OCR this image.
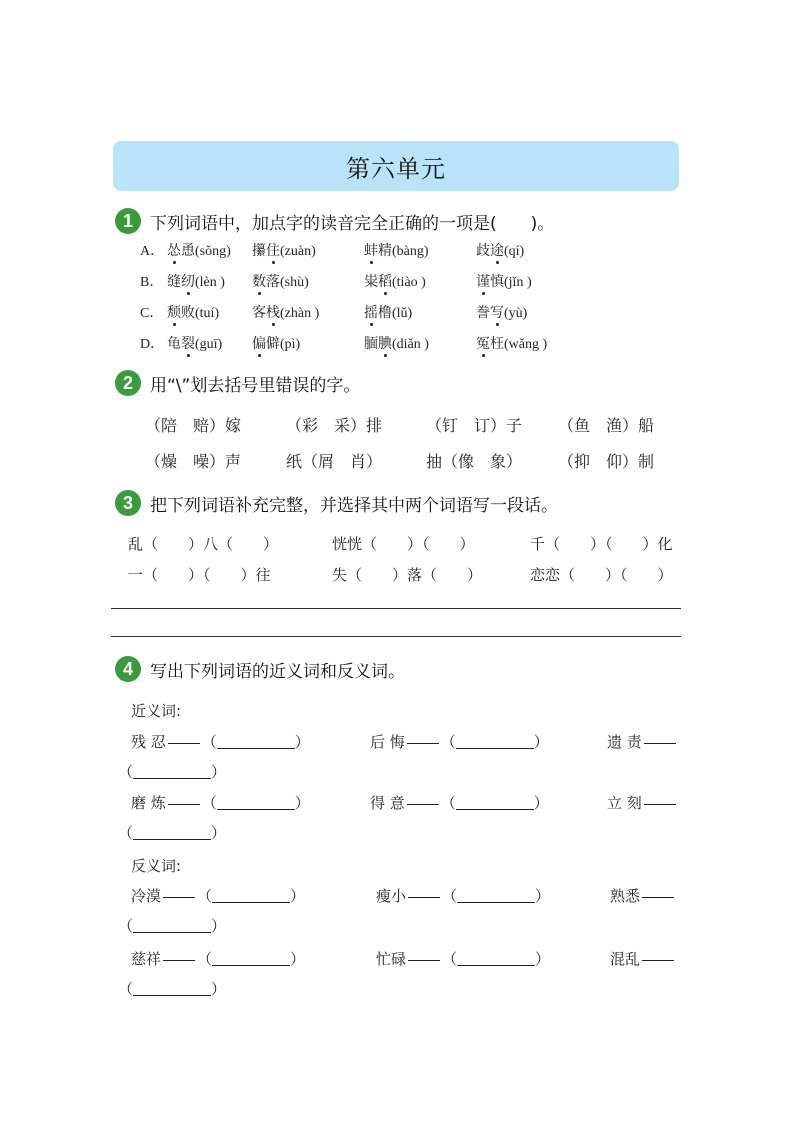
第六单元
1	下列词语中，加点字的读音完全正确的一项是(　　)。
A． 怂恿(sǒng) 攥住(zuàn)	蚌精(bàng)	歧途(qí)
B． 缝纫(lèn ) 数落(shù)	粜稻(tiào )	谨慎(jǐn )
C． 颓败(tuí) 客栈(zhàn )	摇橹(lǔ)	誊写(yù)
D． 龟裂(guī) 偏僻(pì)	腼腆(diǎn )	冤枉(wǎng )
2	用“\”划去括号里错误的字。
（陪　赔）嫁	（彩　采）排	（钉　订）子 （鱼　渔）船
（燥　噪）声	纸（屑　肖）	抽（像　象） （抑　仰）制
3	把下列词语补充完整，并选择其中两个词语写一段话。
乱（　　）八（　　）	恍恍（　　）（　　）	千（　　）（　　）化
一（　　）（　　）往	失（　　）落（　　）	恋恋（　　）（　　）
4	写出下列词语的近义词和反义词。
近义词:
反义词:
残 忍 （	）	后 悔 （	）	遗 责
（	）
磨 炼 （	）	得 意 （	）	立 刻
（	）
冷漠 （	）	瘦小 （	）	熟悉
（	）
慈祥 （	）	忙碌 （	）	混乱
（	）
